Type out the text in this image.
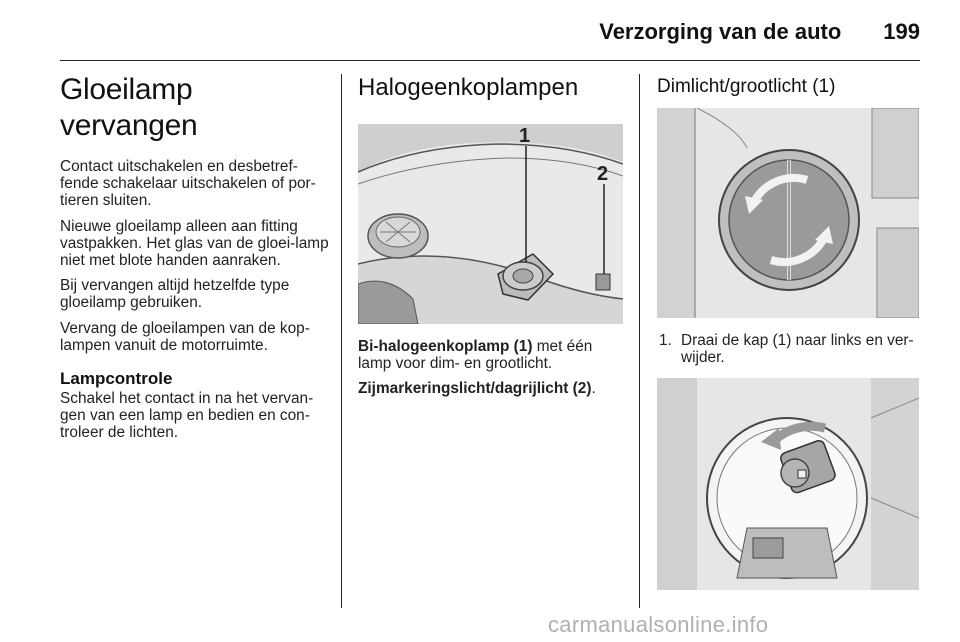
Verzorging van de auto 199
Gloeilamp vervangen

Contact uitschakelen en desbetref-fende schakelaar uitschakelen of por-tieren sluiten.

Nieuwe gloeilamp alleen aan fitting vastpakken. Het glas van de gloei-lamp niet met blote handen aanraken.

Bij vervangen altijd hetzelfde type gloeilamp gebruiken.

Vervang de gloeilampen van de kop-lampen vanuit de motorruimte.

Lampcontrole

Schakel het contact in na het vervan-gen van een lamp en bedien en con-troleer de lichten.

Halogeenkoplampen
1
2

Bi-halogeenkoplamp (1) met één lamp voor dim- en grootlicht.

Zijmarkeringslicht/dagrijlicht (2).

Dimlicht/grootlicht (1)
1. Draai de kap (1) naar links en ver-wijder.
carmanualsonline.info
